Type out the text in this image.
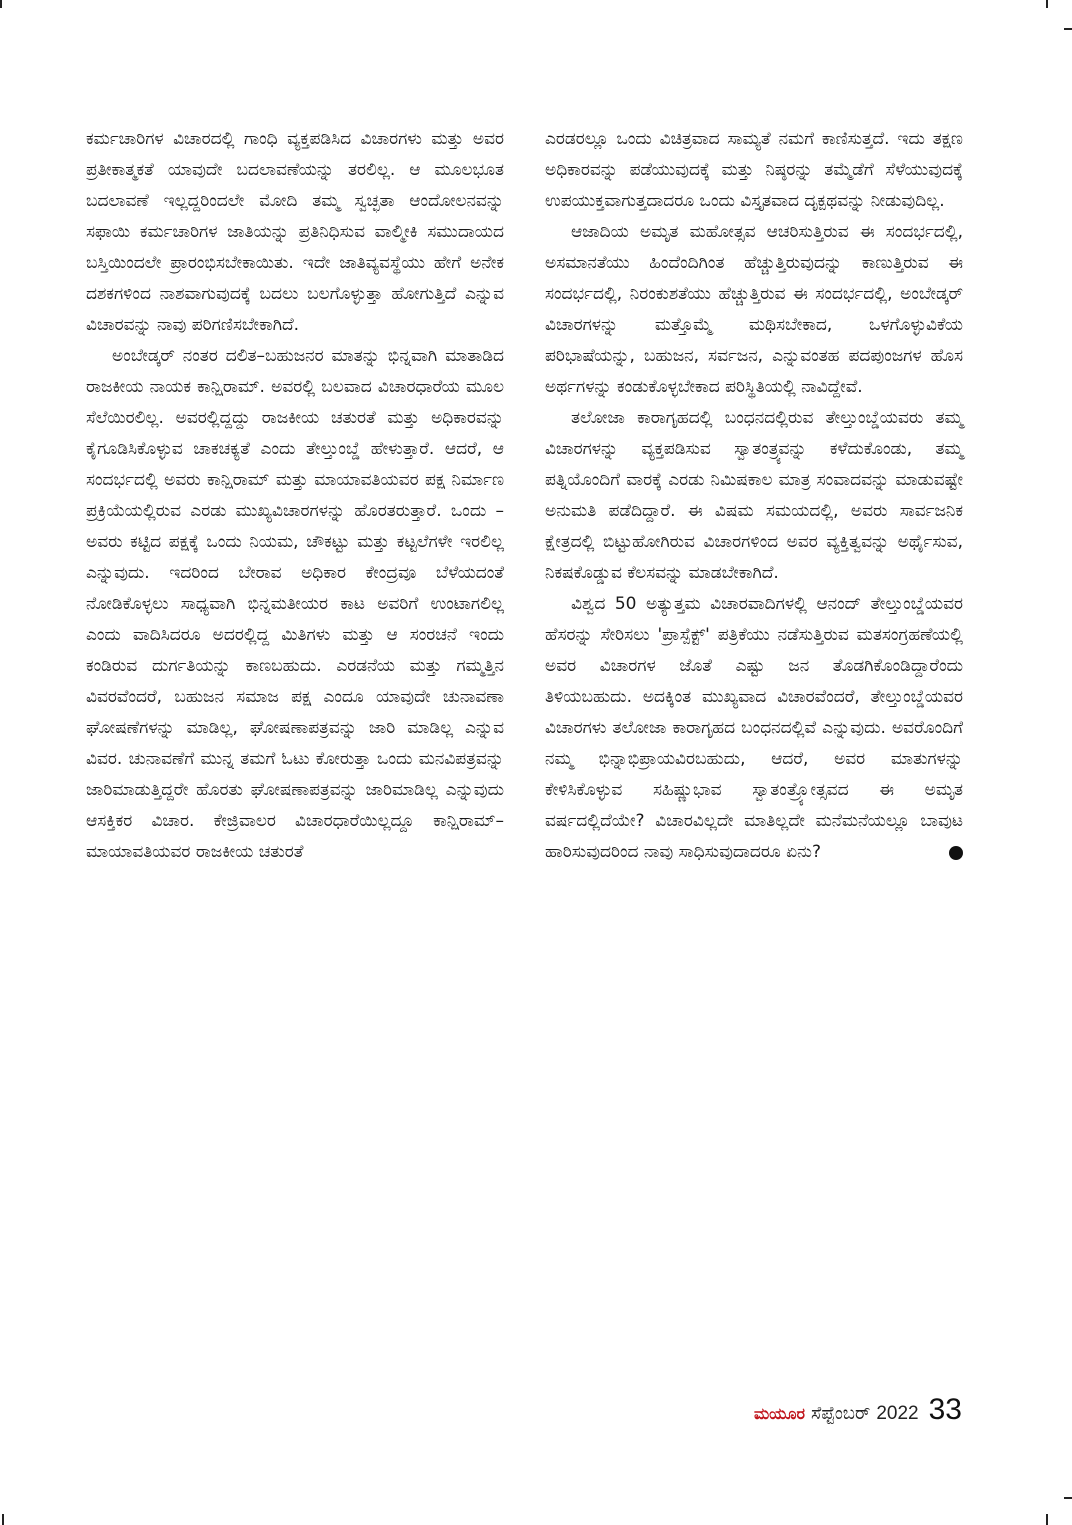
ಕರ್ಮಚಾರಿಗಳ ವಿಚಾರದಲ್ಲಿ ಗಾಂಧಿ ವ್ಯಕ್ತಪಡಿಸಿದ ವಿಚಾರಗಳು ಮತ್ತು ಅವರ ಪ್ರತೀಕಾತ್ಮಕತೆ ಯಾವುದೇ ಬದಲಾವಣೆಯನ್ನು ತರಲಿಲ್ಲ. ಆ ಮೂಲಭೂತ ಬದಲಾವಣೆ ಇಲ್ಲದ್ದರಿಂದಲೇ ಮೋದಿ ತಮ್ಮ ಸ್ವಚ್ಛತಾ ಆಂದೋಲನವನ್ನು ಸಫಾಯಿ ಕರ್ಮಚಾರಿಗಳ ಜಾತಿಯನ್ನು ಪ್ರತಿನಿಧಿಸುವ ವಾಲ್ಮೀಕಿ ಸಮುದಾಯದ ಬಸ್ತಿಯಿಂದಲೇ ಪ್ರಾರಂಭಿಸಬೇಕಾಯಿತು. ಇದೇ ಜಾತಿವ್ಯವಸ್ಥೆಯು ಹೇಗೆ ಅನೇಕ ದಶಕಗಳಿಂದ ನಾಶವಾಗುವುದಕ್ಕೆ ಬದಲು ಬಲಗೊಳ್ಳುತ್ತಾ ಹೋಗುತ್ತಿದೆ ಎನ್ನುವ ವಿಚಾರವನ್ನು ನಾವು ಪರಿಗಣಿಸಬೇಕಾಗಿದೆ.

ಅಂಬೇಡ್ಕರ್ ನಂತರ ದಲಿತ–ಬಹುಜನರ ಮಾತನ್ನು ಭಿನ್ನವಾಗಿ ಮಾತಾಡಿದ ರಾಜಕೀಯ ನಾಯಕ ಕಾನ್ಷಿರಾಮ್. ಅವರಲ್ಲಿ ಬಲವಾದ ವಿಚಾರಧಾರೆಯ ಮೂಲ ಸೆಲೆಯಿರಲಿಲ್ಲ. ಅವರಲ್ಲಿದ್ದದ್ದು ರಾಜಕೀಯ ಚತುರತೆ ಮತ್ತು ಅಧಿಕಾರವನ್ನು ಕೈಗೂಡಿಸಿಕೊಳ್ಳುವ ಚಾಕಚಕ್ಯತೆ ಎಂದು ತೇಲ್ತುಂಬ್ಡೆ ಹೇಳುತ್ತಾರೆ. ಆದರೆ, ಆ ಸಂದರ್ಭದಲ್ಲಿ ಅವರು ಕಾನ್ಷಿರಾಮ್ ಮತ್ತು ಮಾಯಾವತಿಯವರ ಪಕ್ಷ ನಿರ್ಮಾಣ ಪ್ರಕ್ರಿಯೆಯಲ್ಲಿರುವ ಎರಡು ಮುಖ್ಯವಿಚಾರಗಳನ್ನು ಹೊರತರುತ್ತಾರೆ. ಒಂದು – ಅವರು ಕಟ್ಟಿದ ಪಕ್ಷಕ್ಕೆ ಒಂದು ನಿಯಮ, ಚೌಕಟ್ಟು ಮತ್ತು ಕಟ್ಟಲೆಗಳೇ ಇರಲಿಲ್ಲ ಎನ್ನುವುದು. ಇದರಿಂದ ಬೇರಾವ ಅಧಿಕಾರ ಕೇಂದ್ರವೂ ಬೆಳೆಯದಂತೆ ನೋಡಿಕೊಳ್ಳಲು ಸಾಧ್ಯವಾಗಿ ಭಿನ್ನಮತೀಯರ ಕಾಟ ಅವರಿಗೆ ಉಂಟಾಗಲಿಲ್ಲ ಎಂದು ವಾದಿಸಿದರೂ ಅದರಲ್ಲಿದ್ದ ಮಿತಿಗಳು ಮತ್ತು ಆ ಸಂರಚನೆ ಇಂದು ಕಂಡಿರುವ ದುರ್ಗತಿಯನ್ನು ಕಾಣಬಹುದು. ಎರಡನೆಯ ಮತ್ತು ಗಮ್ಮತ್ತಿನ ವಿವರವೆಂದರೆ, ಬಹುಜನ ಸಮಾಜ ಪಕ್ಷ ಎಂದೂ ಯಾವುದೇ ಚುನಾವಣಾ ಘೋಷಣೆಗಳನ್ನು ಮಾಡಿಲ್ಲ, ಘೋಷಣಾಪತ್ರವನ್ನು ಜಾರಿ ಮಾಡಿಲ್ಲ ಎನ್ನುವ ವಿವರ. ಚುನಾವಣೆಗೆ ಮುನ್ನ ತಮಗೆ ಓಟು ಕೋರುತ್ತಾ ಒಂದು ಮನವಿಪತ್ರವನ್ನು ಜಾರಿಮಾಡುತ್ತಿದ್ದರೇ ಹೊರತು ಘೋಷಣಾಪತ್ರವನ್ನು ಜಾರಿಮಾಡಿಲ್ಲ ಎನ್ನುವುದು ಆಸಕ್ತಿಕರ ವಿಚಾರ. ಕೇಜ್ರಿವಾಲರ ವಿಚಾರಧಾರೆಯಿಲ್ಲದ್ದೂ ಕಾನ್ಷಿರಾಮ್–ಮಾಯಾವತಿಯವರ ರಾಜಕೀಯ ಚತುರತೆ

ಎರಡರಲ್ಲೂ ಒಂದು ವಿಚಿತ್ರವಾದ ಸಾಮ್ಯತೆ ನಮಗೆ ಕಾಣಿಸುತ್ತದೆ. ಇದು ತಕ್ಷಣ ಅಧಿಕಾರವನ್ನು ಪಡೆಯುವುದಕ್ಕೆ ಮತ್ತು ನಿಷ್ಠರನ್ನು ತಮ್ಮೆಡೆಗೆ ಸೆಳೆಯುವುದಕ್ಕೆ ಉಪಯುಕ್ತವಾಗುತ್ತದಾದರೂ ಒಂದು ವಿಸ್ತೃತವಾದ ದೃಕ್ಪಥವನ್ನು ನೀಡುವುದಿಲ್ಲ.

ಆಜಾದಿಯ ಅಮೃತ ಮಹೋತ್ಸವ ಆಚರಿಸುತ್ತಿರುವ ಈ ಸಂದರ್ಭದಲ್ಲಿ, ಅಸಮಾನತೆಯು ಹಿಂದೆಂದಿಗಿಂತ ಹೆಚ್ಚುತ್ತಿರುವುದನ್ನು ಕಾಣುತ್ತಿರುವ ಈ ಸಂದರ್ಭದಲ್ಲಿ, ನಿರಂಕುಶತೆಯು ಹೆಚ್ಚುತ್ತಿರುವ ಈ ಸಂದರ್ಭದಲ್ಲಿ, ಅಂಬೇಡ್ಕರ್ ವಿಚಾರಗಳನ್ನು ಮತ್ತೊಮ್ಮೆ ಮಥಿಸಬೇಕಾದ, ಒಳಗೊಳ್ಳುವಿಕೆಯ ಪರಿಭಾಷೆಯನ್ನು, ಬಹುಜನ, ಸರ್ವಜನ, ಎನ್ನುವಂತಹ ಪದಪುಂಜಗಳ ಹೊಸ ಅರ್ಥಗಳನ್ನು ಕಂಡುಕೊಳ್ಳಬೇಕಾದ ಪರಿಸ್ಥಿತಿಯಲ್ಲಿ ನಾವಿದ್ದೇವೆ.

ತಲೋಜಾ ಕಾರಾಗೃಹದಲ್ಲಿ ಬಂಧನದಲ್ಲಿರುವ ತೇಲ್ತುಂಬ್ಡೆಯವರು ತಮ್ಮ ವಿಚಾರಗಳನ್ನು ವ್ಯಕ್ತಪಡಿಸುವ ಸ್ವಾತಂತ್ರ್ಯವನ್ನು ಕಳೆದುಕೊಂಡು, ತಮ್ಮ ಪತ್ನಿಯೊಂದಿಗೆ ವಾರಕ್ಕೆ ಎರಡು ನಿಮಿಷಕಾಲ ಮಾತ್ರ ಸಂವಾದವನ್ನು ಮಾಡುವಷ್ಟೇ ಅನುಮತಿ ಪಡೆದಿದ್ದಾರೆ. ಈ ವಿಷಮ ಸಮಯದಲ್ಲಿ, ಅವರು ಸಾರ್ವಜನಿಕ ಕ್ಷೇತ್ರದಲ್ಲಿ ಬಿಟ್ಟುಹೋಗಿರುವ ವಿಚಾರಗಳಿಂದ ಅವರ ವ್ಯಕ್ತಿತ್ವವನ್ನು ಅರ್ಥೈಸುವ, ನಿಕಷಕೊಡ್ಡುವ ಕೆಲಸವನ್ನು ಮಾಡಬೇಕಾಗಿದೆ.

ವಿಶ್ವದ 50 ಅತ್ಯುತ್ತಮ ವಿಚಾರವಾದಿಗಳಲ್ಲಿ ಆನಂದ್ ತೇಲ್ತುಂಬ್ಡೆಯವರ ಹೆಸರನ್ನು ಸೇರಿಸಲು 'ಪ್ರಾಸ್ಪೆಕ್ಟ್' ಪತ್ರಿಕೆಯು ನಡೆಸುತ್ತಿರುವ ಮತಸಂಗ್ರಹಣೆಯಲ್ಲಿ ಅವರ ವಿಚಾರಗಳ ಜೊತೆ ಎಷ್ಟು ಜನ ತೊಡಗಿಕೊಂಡಿದ್ದಾರೆಂದು ತಿಳಿಯಬಹುದು. ಅದಕ್ಕಿಂತ ಮುಖ್ಯವಾದ ವಿಚಾರವೆಂದರೆ, ತೇಲ್ತುಂಬ್ಡೆಯವರ ವಿಚಾರಗಳು ತಲೋಜಾ ಕಾರಾಗೃಹದ ಬಂಧನದಲ್ಲಿವೆ ಎನ್ನುವುದು. ಅವರೊಂದಿಗೆ ನಮ್ಮ ಭಿನ್ನಾಭಿಪ್ರಾಯವಿರಬಹುದು, ಆದರೆ, ಅವರ ಮಾತುಗಳನ್ನು ಕೇಳಿಸಿಕೊಳ್ಳುವ ಸಹಿಷ್ಣುಭಾವ ಸ್ವಾತಂತ್ರ್ಯೋತ್ಸವದ ಈ ಅಮೃತ ವರ್ಷದಲ್ಲಿದೆಯೇ? ವಿಚಾರವಿಲ್ಲದೇ ಮಾತಿಲ್ಲದೇ ಮನೆಮನೆಯಲ್ಲೂ ಬಾವುಟ ಹಾರಿಸುವುದರಿಂದ ನಾವು ಸಾಧಿಸುವುದಾದರೂ ಏನು?

ಮಯೂರ ಸೆಪ್ಟೆಂಬರ್ 2022 33
